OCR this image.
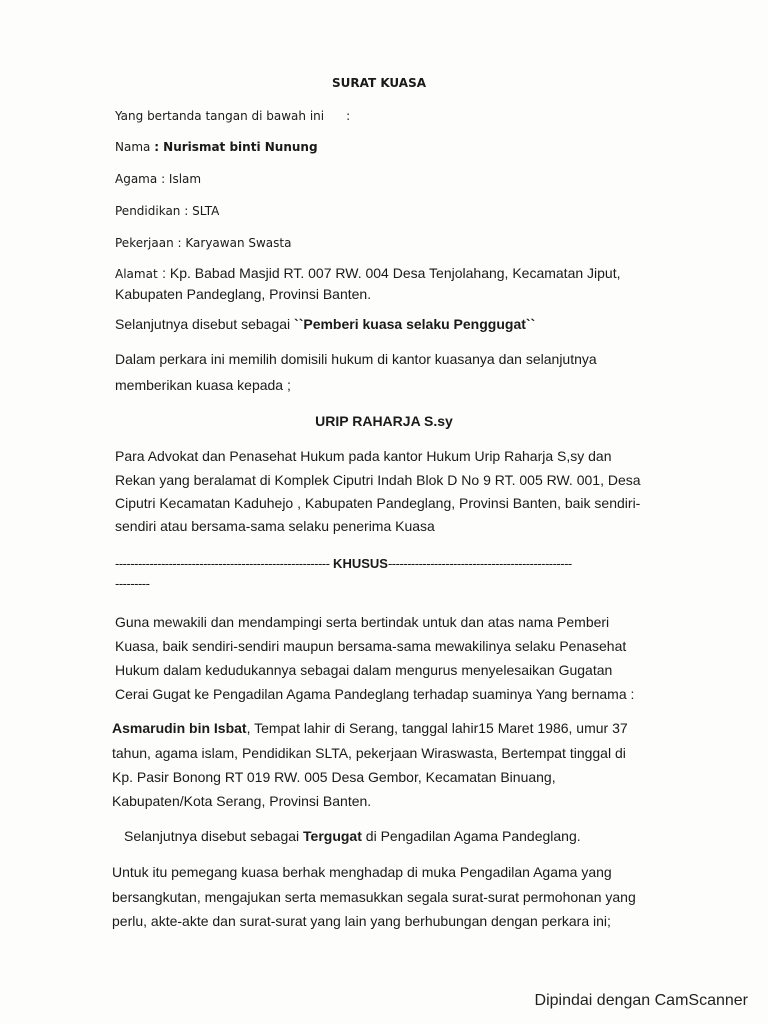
SURAT KUASA
Yang bertanda tangan di bawah ini :
Nama : Nurismat binti Nunung
Agama : Islam
Pendidikan : SLTA
Pekerjaan : Karyawan Swasta
Alamat : Kp. Babad Masjid RT. 007 RW. 004 Desa Tenjolahang, Kecamatan Jiput,
Kabupaten Pandeglang, Provinsi Banten.
Selanjutnya disebut sebagai ``Pemberi kuasa selaku Penggugat``
Dalam perkara ini memilih domisili hukum di kantor kuasanya dan selanjutnya
memberikan kuasa kepada ;
URIP RAHARJA S.sy
Para Advokat dan Penasehat Hukum pada kantor Hukum Urip Raharja S,sy dan
Rekan yang beralamat di Komplek Ciputri Indah Blok D No 9 RT. 005 RW. 001, Desa
Ciputri Kecamatan Kaduhejo , Kabupaten Pandeglang, Provinsi Banten, baik sendiri-
sendiri atau bersama-sama selaku penerima Kuasa
-------------------------------------------------------- KHUSUS------------------------------------------------
---------
Guna mewakili dan mendampingi serta bertindak untuk dan atas nama Pemberi
Kuasa, baik sendiri-sendiri maupun bersama-sama mewakilinya selaku Penasehat
Hukum dalam kedudukannya sebagai dalam mengurus menyelesaikan Gugatan
Cerai Gugat ke Pengadilan Agama Pandeglang terhadap suaminya Yang bernama :
Asmarudin bin Isbat, Tempat lahir di Serang, tanggal lahir15 Maret 1986, umur 37
tahun, agama islam, Pendidikan SLTA, pekerjaan Wiraswasta, Bertempat tinggal di
Kp. Pasir Bonong RT 019 RW. 005 Desa Gembor, Kecamatan Binuang,
Kabupaten/Kota Serang, Provinsi Banten.
Selanjutnya disebut sebagai Tergugat di Pengadilan Agama Pandeglang.
Untuk itu pemegang kuasa berhak menghadap di muka Pengadilan Agama yang
bersangkutan, mengajukan serta memasukkan segala surat-surat permohonan yang
perlu, akte-akte dan surat-surat yang lain yang berhubungan dengan perkara ini;
Dipindai dengan CamScanner
